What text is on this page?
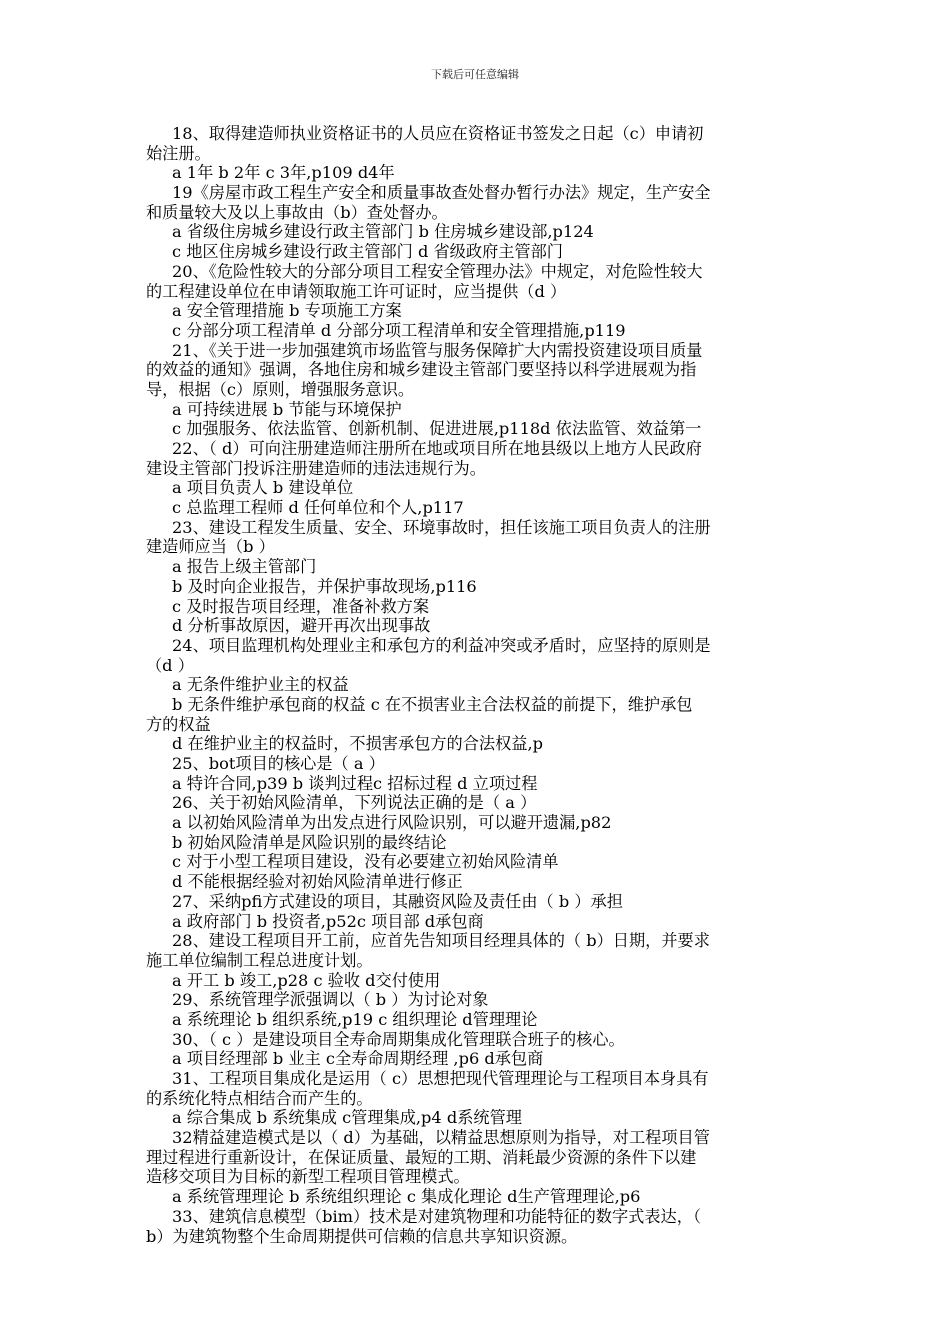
下载后可任意编辑
18、取得建造师执业资格证书的人员应在资格证书签发之日起（c）申请初
始注册。
a 1年 b 2年 c 3年,p109 d4年
19《房屋市政工程生产安全和质量事故查处督办暂行办法》规定，生产安全
和质量较大及以上事故由（b）查处督办。
a 省级住房城乡建设行政主管部门 b 住房城乡建设部,p124
c 地区住房城乡建设行政主管部门 d 省级政府主管部门
20、《危险性较大的分部分项目工程安全管理办法》中规定，对危险性较大
的工程建设单位在申请领取施工许可证时，应当提供（d ）
a 安全管理措施 b 专项施工方案
c 分部分项工程清单 d 分部分项工程清单和安全管理措施,p119
21、《关于进一步加强建筑市场监管与服务保障扩大内需投资建设项目质量
的效益的通知》强调，各地住房和城乡建设主管部门要坚持以科学进展观为指
导，根据（c）原则，增强服务意识。
a 可持续进展 b 节能与环境保护
c 加强服务、依法监管、创新机制、促进进展,p118d 依法监管、效益第一
22、（ d）可向注册建造师注册所在地或项目所在地县级以上地方人民政府
建设主管部门投诉注册建造师的违法违规行为。
a 项目负责人 b 建设单位
c 总监理工程师 d 任何单位和个人,p117
23、建设工程发生质量、安全、环境事故时，担任该施工项目负责人的注册
建造师应当（b ）
a 报告上级主管部门
b 及时向企业报告，并保护事故现场,p116
c 及时报告项目经理，准备补救方案
d 分析事故原因，避开再次出现事故
24、项目监理机构处理业主和承包方的利益冲突或矛盾时，应坚持的原则是
（d ）
a 无条件维护业主的权益
b 无条件维护承包商的权益 c 在不损害业主合法权益的前提下，维护承包
方的权益
d 在维护业主的权益时，不损害承包方的合法权益,p
25、bot项目的核心是（ a ）
a 特许合同,p39 b 谈判过程c 招标过程 d 立项过程
26、关于初始风险清单，下列说法正确的是（ a ）
a 以初始风险清单为出发点进行风险识别，可以避开遗漏,p82
b 初始风险清单是风险识别的最终结论
c 对于小型工程项目建设，没有必要建立初始风险清单
d 不能根据经验对初始风险清单进行修正
27、采纳pfi方式建设的项目，其融资风险及责任由（ b ）承担
a 政府部门 b 投资者,p52c 项目部 d承包商
28、建设工程项目开工前，应首先告知项目经理具体的（ b）日期，并要求
施工单位编制工程总进度计划。
a 开工 b 竣工,p28 c 验收 d交付使用
29、系统管理学派强调以（ b ）为讨论对象
a 系统理论 b 组织系统,p19 c 组织理论 d管理理论
30、（ c ）是建设项目全寿命周期集成化管理联合班子的核心。
a 项目经理部 b 业主 c全寿命周期经理 ,p6 d承包商
31、工程项目集成化是运用（ c）思想把现代管理理论与工程项目本身具有
的系统化特点相结合而产生的。
a 综合集成 b 系统集成 c管理集成,p4 d系统管理
32精益建造模式是以（ d）为基础，以精益思想原则为指导，对工程项目管
理过程进行重新设计，在保证质量、最短的工期、消耗最少资源的条件下以建
造移交项目为目标的新型工程项目管理模式。
a 系统管理理论 b 系统组织理论 c 集成化理论 d生产管理理论,p6
33、建筑信息模型（bim）技术是对建筑物理和功能特征的数字式表达，（
b）为建筑物整个生命周期提供可信赖的信息共享知识资源。
